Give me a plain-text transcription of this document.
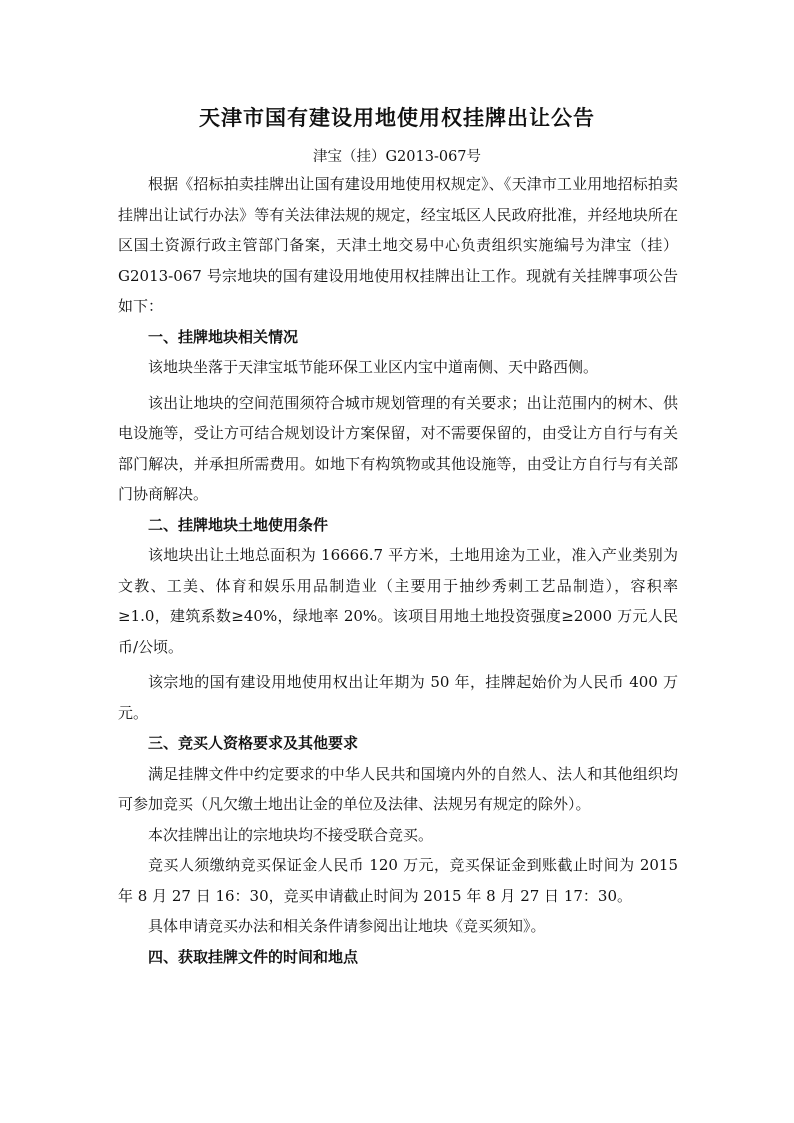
天津市国有建设用地使用权挂牌出让公告
津宝（挂）G2013-067号

根据《招标拍卖挂牌出让国有建设用地使用权规定》、《天津市工业用地招标拍卖挂牌出让试行办法》等有关法律法规的规定，经宝坻区人民政府批准，并经地块所在区国土资源行政主管部门备案，天津土地交易中心负责组织实施编号为津宝（挂）G2013-067 号宗地块的国有建设用地使用权挂牌出让工作。现就有关挂牌事项公告如下：

一、挂牌地块相关情况

该地块坐落于天津宝坻节能环保工业区内宝中道南侧、天中路西侧。

该出让地块的空间范围须符合城市规划管理的有关要求；出让范围内的树木、供电设施等，受让方可结合规划设计方案保留，对不需要保留的，由受让方自行与有关部门解决，并承担所需费用。如地下有构筑物或其他设施等，由受让方自行与有关部门协商解决。

二、挂牌地块土地使用条件

该地块出让土地总面积为 16666.7 平方米，土地用途为工业，准入产业类别为文教、工美、体育和娱乐用品制造业（主要用于抽纱秀刺工艺品制造），容积率≥1.0，建筑系数≥40%，绿地率 20%。该项目用地土地投资强度≥2000 万元人民币/公顷。

该宗地的国有建设用地使用权出让年期为 50 年，挂牌起始价为人民币 400 万元。

三、竞买人资格要求及其他要求

满足挂牌文件中约定要求的中华人民共和国境内外的自然人、法人和其他组织均可参加竞买（凡欠缴土地出让金的单位及法律、法规另有规定的除外）。

本次挂牌出让的宗地块均不接受联合竞买。

竞买人须缴纳竞买保证金人民币 120 万元，竞买保证金到账截止时间为 2015 年 8 月 27 日 16：30，竞买申请截止时间为 2015 年 8 月 27 日 17：30。

具体申请竞买办法和相关条件请参阅出让地块《竞买须知》。

四、获取挂牌文件的时间和地点
